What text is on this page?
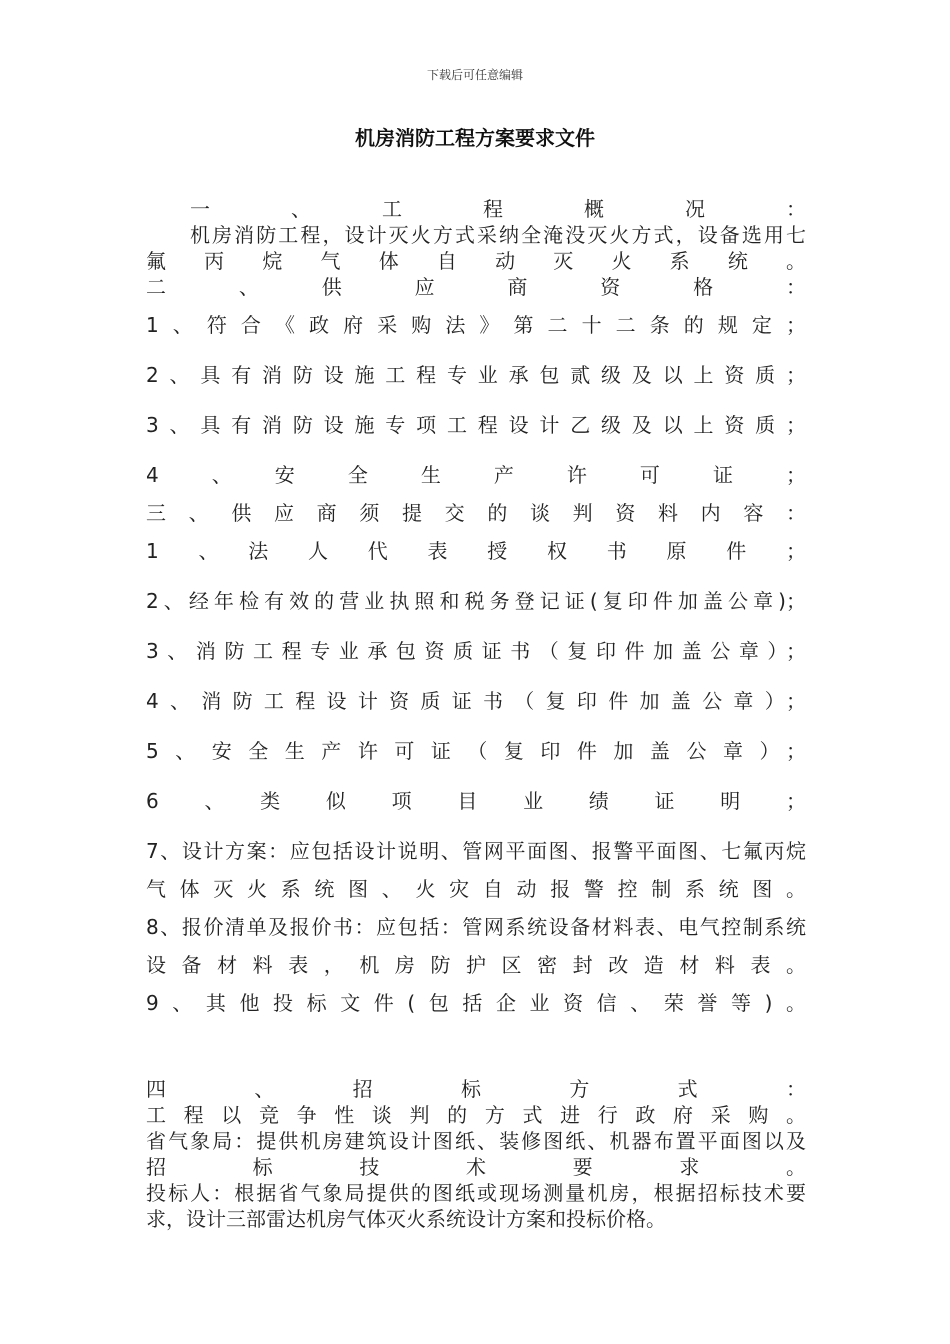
下载后可任意编辑
机房消防工程方案要求文件
一　　、　　工　　程　　概　　况　　：
机房消防工程，设计灭火方式采纳全淹没灭火方式，设备选用七
氟丙烷气体自动灭火系统。
二　　、　　供　　应　　商　　资　　格　　：
1、符合《政府采购法》第二十二条的规定；
2、具有消防设施工程专业承包贰级及以上资质；
3、具有消防设施专项工程设计乙级及以上资质；
4　、　安　全　生　产　许　可　证　；
三、供应商须提交的谈判资料内容：
1　、　法　人　代　表　授　权　书　原　件　；
2、经年检有效的营业执照和税务登记证(复印件加盖公章)；
3、消防工程专业承包资质证书（复印件加盖公章）；
4、消防工程设计资质证书（复印件加盖公章）；
5、安全生产许可证（复印件加盖公章）；
6　、　类　似　项　目　业　绩　证　明　；
7、设计方案：应包括设计说明、管网平面图、报警平面图、七氟丙烷
气体灭火系统图、火灾自动报警控制系统图。
8、报价清单及报价书：应包括：管网系统设备材料表、电气控制系统
设备材料表，机房防护区密封改造材料表。
9、其他投标文件(包括企业资信、荣誉等)。
四　　、　　招　　标　　方　　式　　：
工程以竞争性谈判的方式进行政府采购。
省气象局：提供机房建筑设计图纸、装修图纸、机器布置平面图以及
招　　标　　技　　术　　要　　求　　。
投标人：根据省气象局提供的图纸或现场测量机房，根据招标技术要
求，设计三部雷达机房气体灭火系统设计方案和投标价格。
